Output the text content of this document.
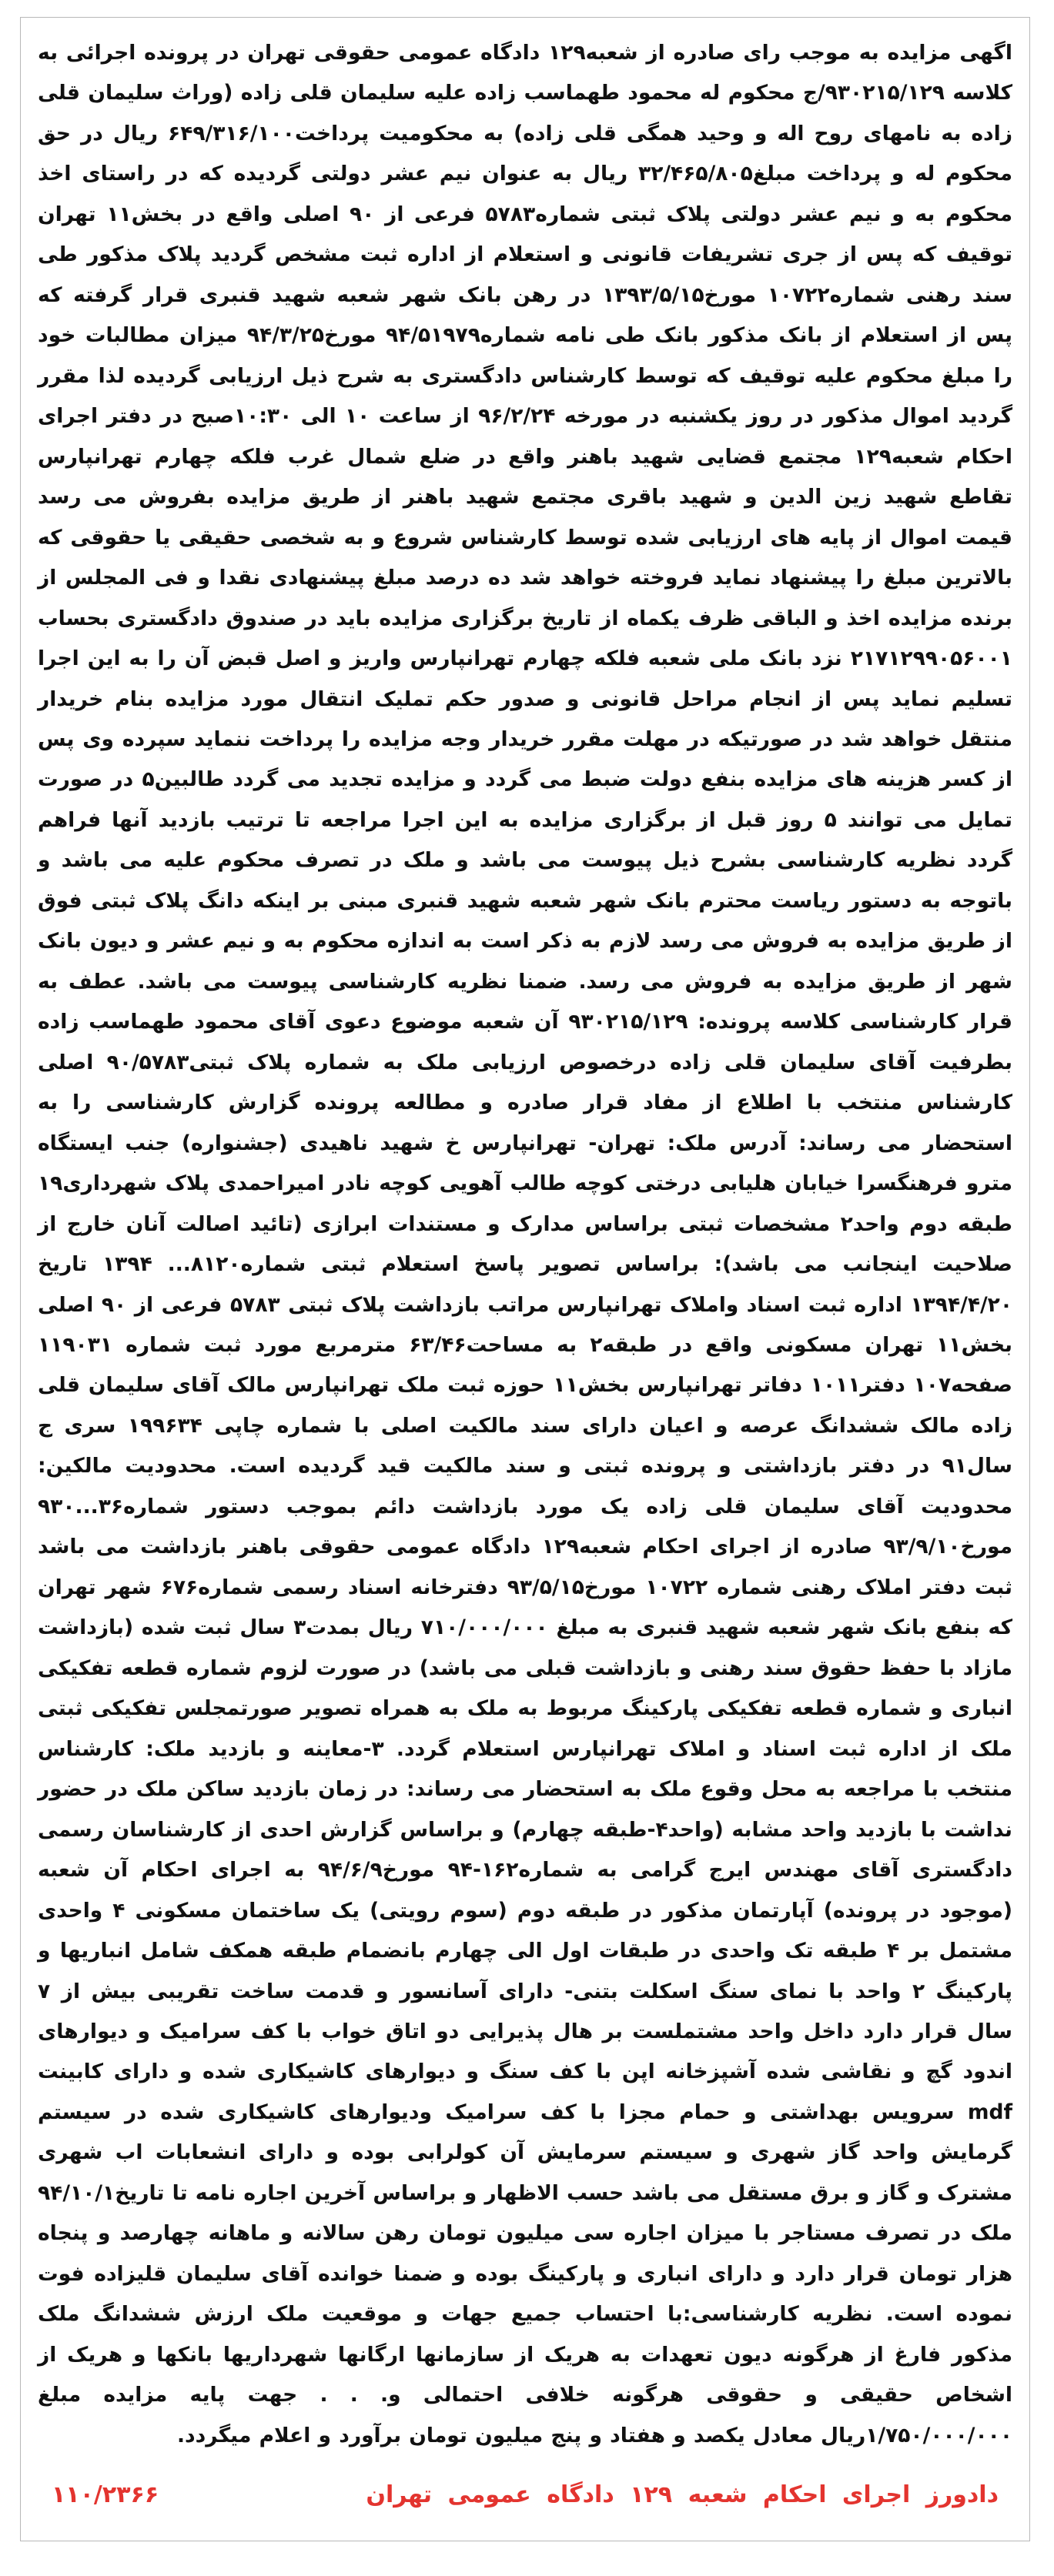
اگهی مزایده به موجب رای صادره از شعبه۱۲۹ دادگاه عمومی حقوقی تهران در پرونده اجرائی به کلاسه ۹۳۰۲۱۵/۱۲۹/ج محکوم له محمود طهماسب زاده علیه سلیمان قلی زاده (وراث سلیمان قلی زاده به نامهای روح اله و وحید همگی قلی زاده) به محکومیت پرداخت۶۴۹/۳۱۶/۱۰۰ ریال در حق محکوم له و پرداخت مبلغ۳۲/۴۶۵/۸۰۵ ریال به عنوان نیم عشر دولتی گردیده که در راستای اخذ محکوم به و نیم عشر دولتی پلاک ثبتی شماره۵۷۸۳ فرعی از ۹۰ اصلی واقع در بخش۱۱ تهران توقیف که پس از جری تشریفات قانونی و استعلام از اداره ثبت مشخص گردید پلاک مذکور طی سند رهنی شماره۱۰۷۲۲ مورخ۱۳۹۳/۵/۱۵ در رهن بانک شهر شعبه شهید قنبری قرار گرفته که پس از استعلام از بانک مذکور بانک طی نامه شماره۹۴/۵۱۹۷۹ مورخ۹۴/۳/۲۵ میزان مطالبات خود را مبلغ محکوم علیه توقیف که توسط کارشناس دادگستری به شرح ذیل ارزیابی گردیده لذا مقرر گردید اموال مذکور در روز یکشنبه در مورخه ۹۶/۲/۲۴ از ساعت ۱۰ الی ۱۰:۳۰صبح در دفتر اجرای احکام شعبه۱۲۹ مجتمع قضایی شهید باهنر واقع در ضلع شمال غرب فلکه چهارم تهرانپارس تقاطع شهید زین الدین و شهید باقری مجتمع شهید باهنر از طریق مزایده بفروش می رسد قیمت اموال از پایه های ارزیابی شده توسط کارشناس شروع و به شخصی حقیقی یا حقوقی که بالاترین مبلغ را پیشنهاد نماید فروخته خواهد شد ده درصد مبلغ پیشنهادی نقدا و فی المجلس از برنده مزایده اخذ و الباقی ظرف یکماه از تاریخ برگزاری مزایده باید در صندوق دادگستری بحساب ۲۱۷۱۲۹۹۰۵۶۰۰۱ نزد بانک ملی شعبه فلکه چهارم تهرانپارس واریز و اصل قبض آن را به این اجرا تسلیم نماید پس از انجام مراحل قانونی و صدور حکم تملیک انتقال مورد مزایده بنام خریدار منتقل خواهد شد در صورتیکه در مهلت مقرر خریدار وجه مزایده را پرداخت ننماید سپرده وی پس از کسر هزینه های مزایده بنفع دولت ضبط می گردد و مزایده تجدید می گردد طالبین۵ در صورت تمایل می توانند ۵ روز قبل از برگزاری مزایده به این اجرا مراجعه تا ترتیب بازدید آنها فراهم گردد نظریه کارشناسی بشرح ذیل پیوست می باشد و ملک در تصرف محکوم علیه می باشد و باتوجه به دستور ریاست محترم بانک شهر شعبه شهید قنبری مبنی بر اینکه دانگ پلاک ثبتی فوق از طریق مزایده به فروش می رسد لازم به ذکر است به اندازه محکوم به و نیم عشر و دیون بانک شهر از طریق مزایده به فروش می رسد. ضمنا نظریه کارشناسی پیوست می باشد. عطف به قرار کارشناسی کلاسه پرونده: ۹۳۰۲۱۵/۱۲۹ آن شعبه موضوع دعوی آقای محمود طهماسب زاده بطرفیت آقای سلیمان قلی زاده درخصوص ارزیابی ملک به شماره پلاک ثبتی۹۰/۵۷۸۳ اصلی کارشناس منتخب با اطلاع از مفاد قرار صادره و مطالعه پرونده گزارش کارشناسی را به استحضار می رساند: آدرس ملک: تهران- تهرانپارس خ شهید ناهیدی (جشنواره) جنب ایستگاه مترو فرهنگسرا خیابان هلیابی درختی کوچه طالب آهویی کوچه نادر امیراحمدی پلاک شهرداری۱۹ طبقه دوم واحد۲ مشخصات ثبتی براساس مدارک و مستندات ابرازی (تائید اصالت آنان خارج از صلاحیت اینجانب می باشد): براساس تصویر پاسخ استعلام ثبتی شماره۸۱۲۰... ۱۳۹۴ تاریخ ۱۳۹۴/۴/۲۰ اداره ثبت اسناد واملاک تهرانپارس مراتب بازداشت پلاک ثبتی ۵۷۸۳ فرعی از ۹۰ اصلی بخش۱۱ تهران مسکونی واقع در طبقه۲ به مساحت۶۳/۴۶ مترمربع مورد ثبت شماره ۱۱۹۰۳۱ صفحه۱۰۷ دفتر۱۰۱۱ دفاتر تهرانپارس بخش۱۱ حوزه ثبت ملک تهرانپارس مالک آقای سلیمان قلی زاده مالک ششدانگ عرصه و اعیان دارای سند مالکیت اصلی با شماره چاپی ۱۹۹۶۳۴ سری ج سال۹۱ در دفتر بازداشتی و پرونده ثبتی و سند مالکیت قید گردیده است. محدودیت مالکین: محدودیت آقای سلیمان قلی زاده یک مورد بازداشت دائم بموجب دستور شماره۳۶...۹۳۰ مورخ۹۳/۹/۱۰ صادره از اجرای احکام شعبه۱۲۹ دادگاه عمومی حقوقی باهنر بازداشت می باشد ثبت دفتر املاک رهنی شماره ۱۰۷۲۲ مورخ۹۳/۵/۱۵ دفترخانه اسناد رسمی شماره۶۷۶ شهر تهران که بنفع بانک شهر شعبه شهید قنبری به مبلغ ۷۱۰/۰۰۰/۰۰۰ ریال بمدت۳ سال ثبت شده (بازداشت مازاد با حفظ حقوق سند رهنی و بازداشت قبلی می باشد) در صورت لزوم شماره قطعه تفکیکی انباری و شماره قطعه تفکیکی پارکینگ مربوط به ملک به همراه تصویر صورتمجلس تفکیکی ثبتی ملک از اداره ثبت اسناد و املاک تهرانپارس استعلام گردد. ۳-معاینه و بازدید ملک: کارشناس منتخب با مراجعه به محل وقوع ملک به استحضار می رساند: در زمان بازدید ساکن ملک در حضور نداشت با بازدید واحد مشابه (واحد۴-طبقه چهارم) و براساس گزارش احدی از کارشناسان رسمی دادگستری آقای مهندس ایرج گرامی به شماره۱۶۲-۹۴ مورخ۹۴/۶/۹ به اجرای احکام آن شعبه (موجود در پرونده) آپارتمان مذکور در طبقه دوم (سوم رویتی) یک ساختمان مسکونی ۴ واحدی مشتمل بر ۴ طبقه تک واحدی در طبقات اول الی چهارم بانضمام طبقه همکف شامل انباریها و پارکینگ ۲ واحد با نمای سنگ اسکلت بتنی- دارای آسانسور و قدمت ساخت تقریبی بیش از ۷ سال قرار دارد داخل واحد مشتملست بر هال پذیرایی دو اتاق خواب با کف سرامیک و دیوارهای اندود گچ و نقاشی شده آشپزخانه اپن با کف سنگ و دیوارهای کاشیکاری شده و دارای کابینت mdf سرویس بهداشتی و حمام مجزا با کف سرامیک ودیوارهای کاشیکاری شده در سیستم گرمایش واحد گاز شهری و سیستم سرمایش آن کولرابی بوده و دارای انشعابات اب شهری مشترک و گاز و برق مستقل می باشد حسب الاظهار و براساس آخرین اجاره نامه تا تاریخ۹۴/۱۰/۱ ملک در تصرف مستاجر با میزان اجاره سی میلیون تومان رهن سالانه و ماهانه چهارصد و پنجاه هزار تومان قرار دارد و دارای انباری و پارکینگ بوده و ضمنا خوانده آقای سلیمان قلیزاده فوت نموده است. نظریه کارشناسی:با احتساب جمیع جهات و موقعیت ملک ارزش ششدانگ ملک مذکور فارغ از هرگونه دیون تعهدات به هریک از سازمانها ارگانها شهرداریها بانکها و هریک از اشخاص حقیقی و حقوقی هرگونه خلافی احتمالی و. . . جهت پایه مزایده مبلغ ۱/۷۵۰/۰۰۰/۰۰۰ریال معادل یکصد و هفتاد و پنج میلیون تومان برآورد و اعلام میگردد.
دادورز اجرای احکام شعبه ۱۲۹ دادگاه عمومی تهران
۱۱۰/۲۳۶۶
